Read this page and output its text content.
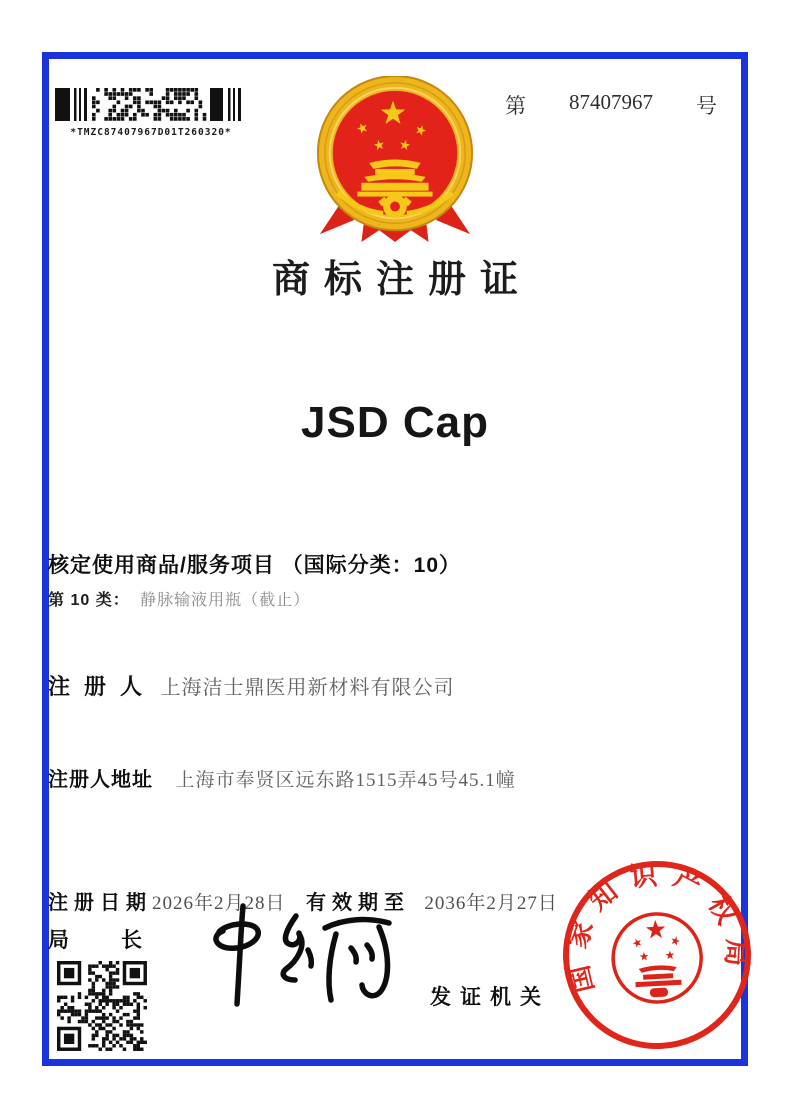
*TMZC87407967D01T260320*
第 87407967 号
商标注册证
JSD Cap
核定使用商品/服务项目 （国际分类：10）
第 10 类： 静脉输液用瓶（截止）
注册人 上海洁士鼎医用新材料有限公司
注册人地址 上海市奉贤区远东路1515弄45号45.1幢
注册日期2026年2月28日 有效期至 2036年2月27日
局长
发证机关
国家知识产权局
